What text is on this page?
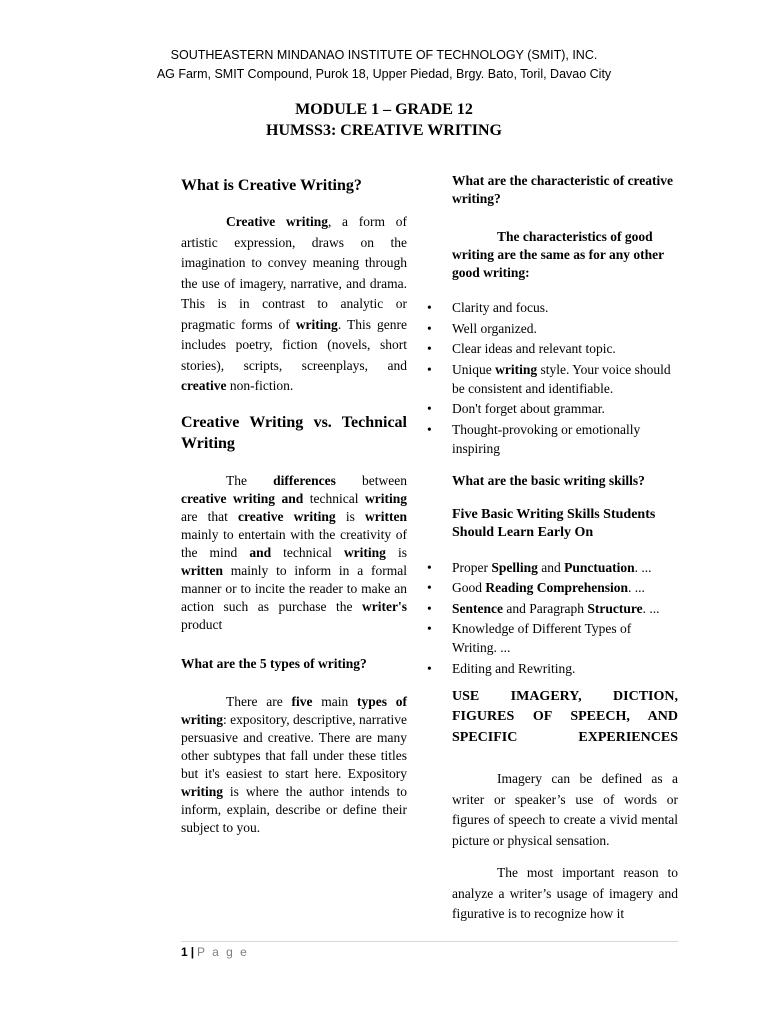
SOUTHEASTERN MINDANAO INSTITUTE OF TECHNOLOGY (SMIT), INC.
AG Farm, SMIT Compound, Purok 18, Upper Piedad, Brgy. Bato, Toril, Davao City
MODULE 1 – GRADE 12
HUMSS3: CREATIVE WRITING
What is Creative Writing?

Creative writing, a form of artistic expression, draws on the imagination to convey meaning through the use of imagery, narrative, and drama. This is in contrast to analytic or pragmatic forms of writing. This genre includes poetry, fiction (novels, short stories), scripts, screenplays, and creative non-fiction.

Creative Writing vs. Technical Writing

The differences between creative writing and technical writing are that creative writing is written mainly to entertain with the creativity of the mind and technical writing is written mainly to inform in a formal manner or to incite the reader to make an action such as purchase the writer's product

What are the 5 types of writing?

There are five main types of writing: expository, descriptive, narrative persuasive and creative. There are many other subtypes that fall under these titles but it's easiest to start here. Expository writing is where the author intends to inform, explain, describe or define their subject to you.

What are the characteristic of creative writing?
The characteristics of good writing are the same as for any other good writing:
• Clarity and focus.
• Well organized.
• Clear ideas and relevant topic.
• Unique writing style. Your voice should be consistent and identifiable.
• Don't forget about grammar.
• Thought-provoking or emotionally inspiring
What are the basic writing skills?
Five Basic Writing Skills Students Should Learn Early On
• Proper Spelling and Punctuation. ...
• Good Reading Comprehension. ...
• Sentence and Paragraph Structure. ...
• Knowledge of Different Types of Writing. ...
• Editing and Rewriting.
USE IMAGERY, DICTION, FIGURES OF SPEECH, AND SPECIFIC EXPERIENCES

Imagery can be defined as a writer or speaker’s use of words or figures of speech to create a vivid mental picture or physical sensation.

The most important reason to analyze a writer’s usage of imagery and figurative is to recognize how it

1 | P a g e
